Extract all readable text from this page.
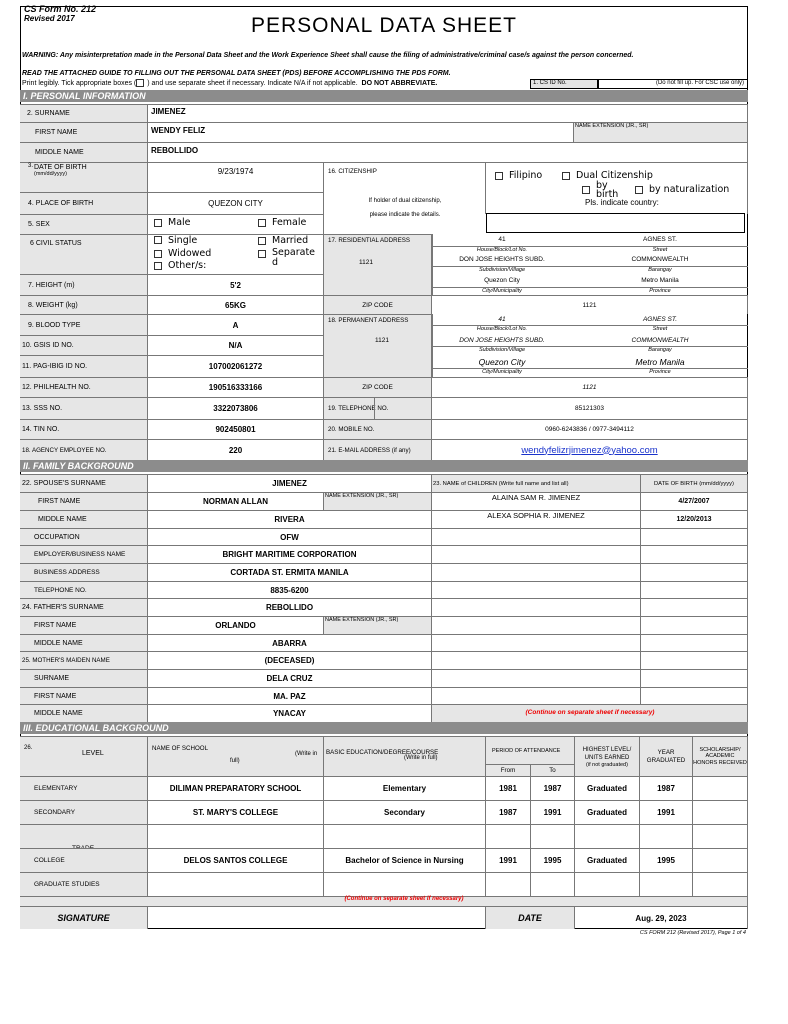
CS Form No. 212
Revised 2017	PERSONAL DATA SHEET
WARNING: Any misinterpretation made in the Personal Data Sheet and the Work Experience Sheet shall cause the filing of administrative/criminal case/s against the person concerned.
READ THE ATTACHED GUIDE TO FILLING OUT THE PERSONAL DATA SHEET (PDS) BEFORE ACCOMPLISHING THE PDS FORM.
Print legibly. Tick appropriate boxes ( ) and use separate sheet if necessary. Indicate N/A if not applicable. DO NOT ABBREVIATE.	1. CS ID No.	(Do not fill up. For CSC use only)
I. PERSONAL INFORMATION
2. SURNAME	JIMENEZ
FIRST NAME	WENDY FELIZ	NAME EXTENSION (JR., SR)
MIDDLE NAME	REBOLLIDO
3. DATE OF BIRTH
(mm/dd/yyyy)	9/23/1974	16. CITIZENSHIP
If holder of dual citizenship,
please indicate the details.
Filipino	Dual Citizenship
by birth	by naturalization
Pls. indicate country:
4. PLACE OF BIRTH	QUEZON CITY
5. SEX	Male	Female
6 CIVIL STATUS	Single	Married
Widowed	Separate d
Other/s:
17. RESIDENTIAL ADDRESS
1121
41	AGNES ST.
House/Block/Lot No.	Street
DON JOSE HEIGHTS SUBD.	COMMONWEALTH
Subdivision/Village	Barangay
Quezon City	Metro Manila
City/Municipality	Province
7. HEIGHT (m)	5'2
8. WEIGHT (kg)	65KG	ZIP CODE	1121
18. PERMANENT ADDRESS
1121
41	AGNES ST.
House/Block/Lot No.	Street
DON JOSE HEIGHTS SUBD.	COMMONWEALTH
Subdivision/Village	Barangay
Quezon City	Metro Manila
City/Municipality	Province
9. BLOOD TYPE	A
10. GSIS ID NO.	N/A
11. PAG-IBIG ID NO.	107002061272
12. PHILHEALTH NO.	190516333166	ZIP CODE	1121
13. SSS NO.	3322073806	19. TELEPHONE NO.	85121303
14. TIN NO.	902450801	20. MOBILE NO.	0960-6243836 / 0977-3494112
18. AGENCY EMPLOYEE NO.	220	21. E-MAIL ADDRESS (if any)	wendyfelizrjimenez@yahoo.com
II. FAMILY BACKGROUND
22. SPOUSE'S SURNAME	JIMENEZ	23. NAME of CHILDREN (Write full name and list all)	DATE OF BIRTH (mm/dd/yyyy)
FIRST NAME	NORMAN ALLAN
NAME EXTENSION (JR., SR)
MIDDLE NAME	RIVERA
OCCUPATION	OFW
EMPLOYER/BUSINESS NAME	BRIGHT MARITIME CORPORATION
BUSINESS ADDRESS	CORTADA ST. ERMITA MANILA
TELEPHONE NO.	8835-6200
24. FATHER'S SURNAME	REBOLLIDO
FIRST NAME	ORLANDO
NAME EXTENSION (JR., SR)
MIDDLE NAME	ABARRA
25. MOTHER'S MAIDEN NAME	(DECEASED)
SURNAME	DELA CRUZ
FIRST NAME	MA. PAZ
MIDDLE NAME	YNACAY
ALAINA SAM R. JIMENEZ	4/27/2007
ALEXA SOPHIA R. JIMENEZ	12/20/2013
(Continue on separate sheet if necessary)
III. EDUCATIONAL BACKGROUND
26.
LEVEL
NAME OF SCHOOL
(Write in
full)
BASIC EDUCATION/DEGREE/COURSE
(Write in full)
PERIOD OF ATTENDANCE
From	To
HIGHEST LEVEL/ UNITS EARNED
(if not graduated)
YEAR GRADUATED
SCHOLARSHIP/ ACADEMIC HONORS RECEIVED
ELEMENTARY	DILIMAN PREPARATORY SCHOOL	Elementary	1981	1987	Graduated	1987
SECONDARY	ST. MARY'S COLLEGE	Secondary	1987	1991	Graduated	1991
COLLEGE	DELOS SANTOS COLLEGE	Bachelor of Science in Nursing	1991	1995	Graduated	1995
GRADUATE STUDIES
(Continue on separate sheet if necessary)
SIGNATURE	DATE	Aug. 29, 2023
CS FORM 212 (Revised 2017), Page 1 of 4
